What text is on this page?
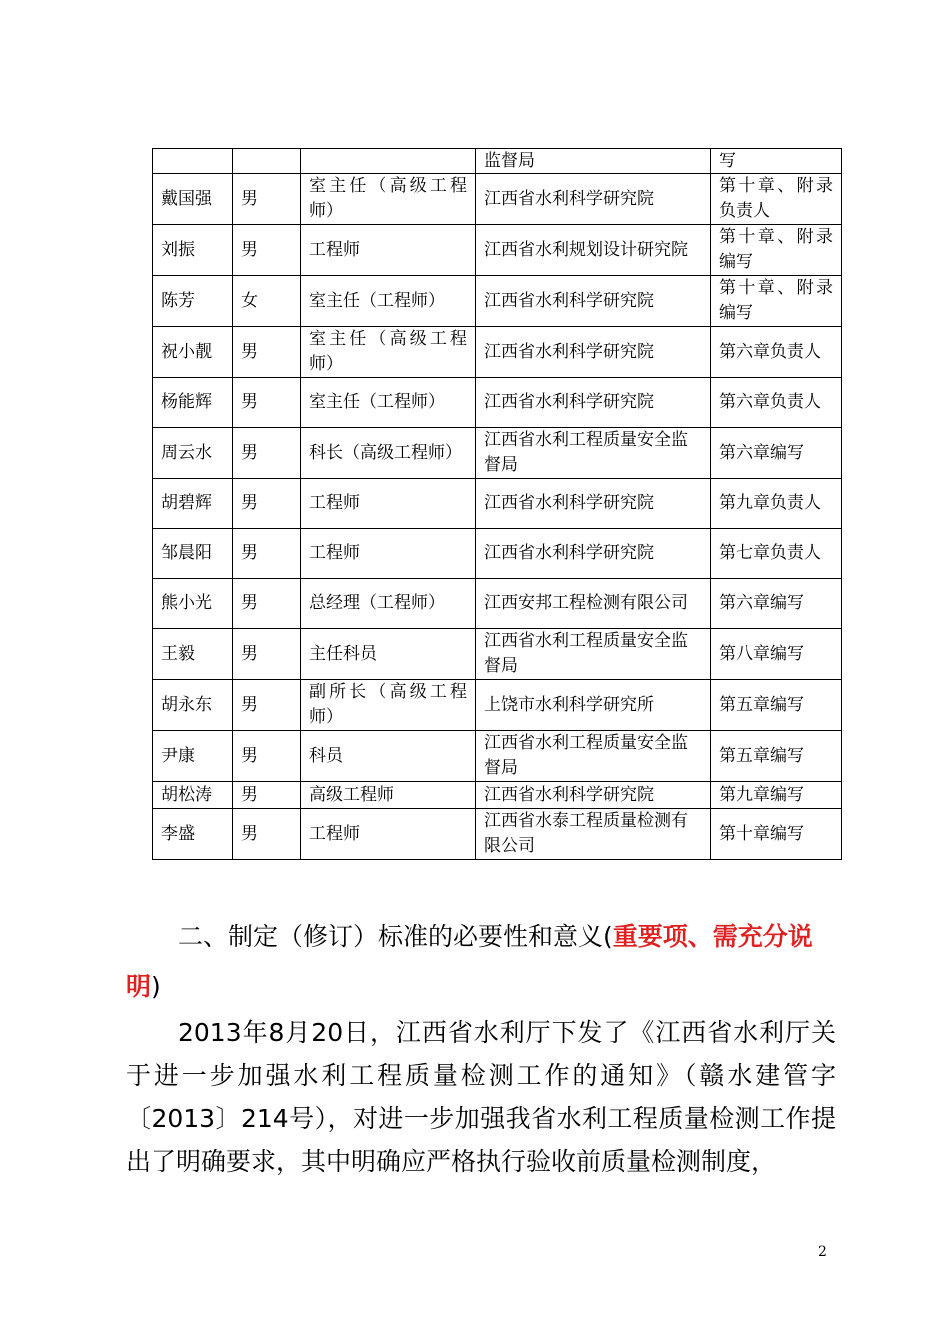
			监督局	写
戴国强	男	室主任（高级工程师）	江西省水利科学研究院	第十章、附录负责人
刘振	男	工程师	江西省水利规划设计研究院	第十章、附录编写
陈芳	女	室主任（工程师）	江西省水利科学研究院	第十章、附录编写
祝小靓	男	室主任（高级工程师）	江西省水利科学研究院	第六章负责人
杨能辉	男	室主任（工程师）	江西省水利科学研究院	第六章负责人
周云水	男	科长（高级工程师）	江西省水利工程质量安全监督局	第六章编写
胡碧辉	男	工程师	江西省水利科学研究院	第九章负责人
邹晨阳	男	工程师	江西省水利科学研究院	第七章负责人
熊小光	男	总经理（工程师）	江西安邦工程检测有限公司	第六章编写
王毅	男	主任科员	江西省水利工程质量安全监督局	第八章编写
胡永东	男	副所长（高级工程师）	上饶市水利科学研究所	第五章编写
尹康	男	科员	江西省水利工程质量安全监督局	第五章编写
胡松涛	男	高级工程师	江西省水利科学研究院	第九章编写
李盛	男	工程师	江西省水泰工程质量检测有限公司	第十章编写
二、制定（修订）标准的必要性和意义(重要项、需充分说明)
2013年8月20日，江西省水利厅下发了《江西省水利厅关于进一步加强水利工程质量检测工作的通知》（赣水建管字〔2013〕214号），对进一步加强我省水利工程质量检测工作提出了明确要求，其中明确应严格执行验收前质量检测制度，
2
